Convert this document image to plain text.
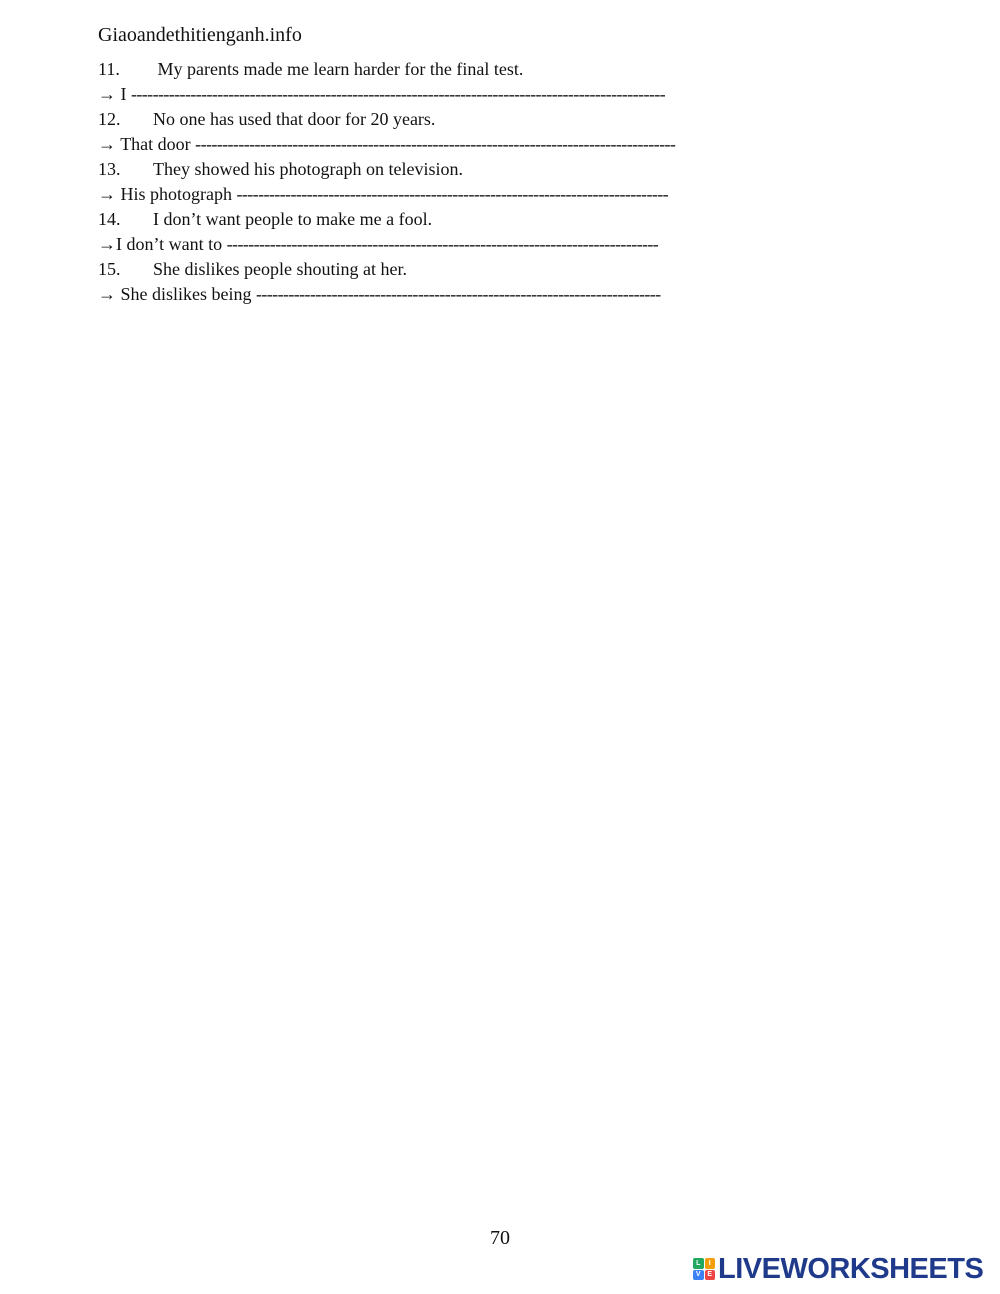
Giaoandethitienganh.info
11. My parents made me learn harder for the final test.
→ I ---------------------------------------------------------------------------------------------------
12. No one has used that door for 20 years.
→ That door -----------------------------------------------------------------------------------------
13. They showed his photograph on television.
→ His photograph --------------------------------------------------------------------------------
14. I don’t want people to make me a fool.
→I don’t want to --------------------------------------------------------------------------------
15. She dislikes people shouting at her.
→ She dislikes being ---------------------------------------------------------------------------
70
L	I
V E LIVEWORKSHEETS
